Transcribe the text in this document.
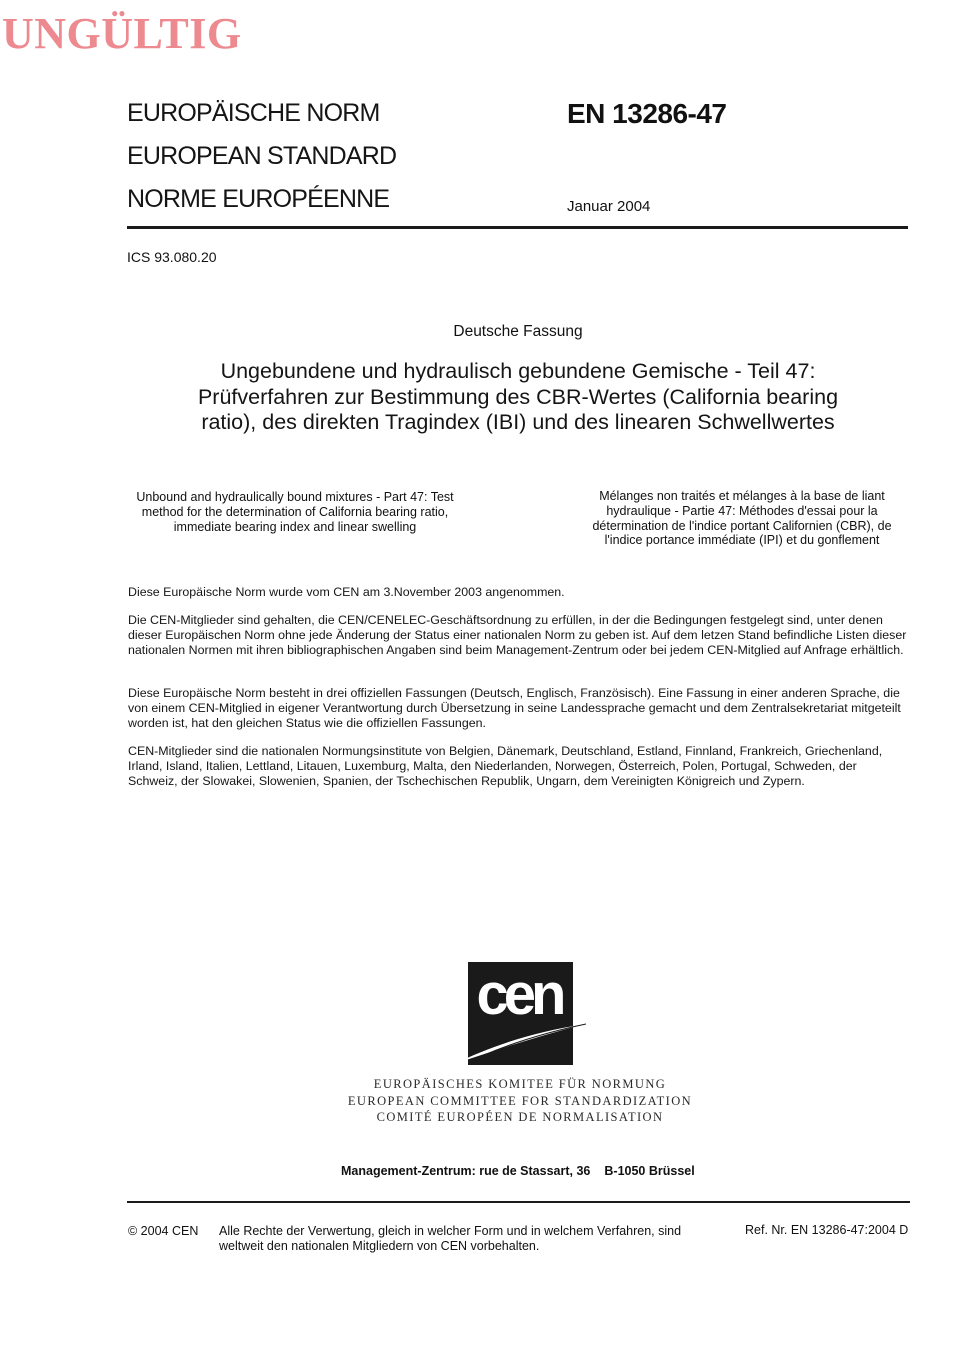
UNGÜLTIG
EUROPÄISCHE NORM
EUROPEAN STANDARD
NORME EUROPÉENNE
EN 13286-47
Januar 2004
ICS 93.080.20
Deutsche Fassung
Ungebundene und hydraulisch gebundene Gemische - Teil 47: Prüfverfahren zur Bestimmung des CBR-Wertes (California bearing ratio), des direkten Tragindex (IBI) und des linearen Schwellwertes
Unbound and hydraulically bound mixtures - Part 47: Test method for the determination of California bearing ratio, immediate bearing index and linear swelling
Mélanges non traités et mélanges à la base de liant hydraulique - Partie 47: Méthodes d'essai pour la détermination de l'indice portant Californien (CBR), de l'indice portance immédiate (IPI) et du gonflement
Diese Europäische Norm wurde vom CEN am 3.November 2003 angenommen.
Die CEN-Mitglieder sind gehalten, die CEN/CENELEC-Geschäftsordnung zu erfüllen, in der die Bedingungen festgelegt sind, unter denen dieser Europäischen Norm ohne jede Änderung der Status einer nationalen Norm zu geben ist. Auf dem letzen Stand befindliche Listen dieser nationalen Normen mit ihren bibliographischen Angaben sind beim Management-Zentrum oder bei jedem CEN-Mitglied auf Anfrage erhältlich.
Diese Europäische Norm besteht in drei offiziellen Fassungen (Deutsch, Englisch, Französisch). Eine Fassung in einer anderen Sprache, die von einem CEN-Mitglied in eigener Verantwortung durch Übersetzung in seine Landessprache gemacht und dem Zentralsekretariat mitgeteilt worden ist, hat den gleichen Status wie die offiziellen Fassungen.
CEN-Mitglieder sind die nationalen Normungsinstitute von Belgien, Dänemark, Deutschland, Estland, Finnland, Frankreich, Griechenland, Irland, Island, Italien, Lettland, Litauen, Luxemburg, Malta, den Niederlanden, Norwegen, Österreich, Polen, Portugal, Schweden, der Schweiz, der Slowakei, Slowenien, Spanien, der Tschechischen Republik, Ungarn, dem Vereinigten Königreich und Zypern.
cen
EUROPÄISCHES KOMITEE FÜR NORMUNG
EUROPEAN COMMITTEE FOR STANDARDIZATION
COMITÉ EUROPÉEN DE NORMALISATION
Management-Zentrum: rue de Stassart, 36 B-1050 Brüssel
© 2004 CEN Alle Rechte der Verwertung, gleich in welcher Form und in welchem Verfahren, sind weltweit den nationalen Mitgliedern von CEN vorbehalten.
Ref. Nr. EN 13286-47:2004 D
